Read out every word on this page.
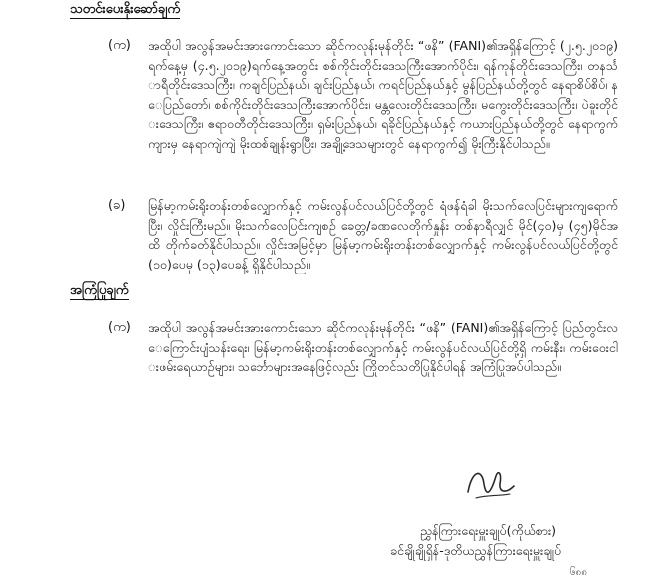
သတင်းပေးနိုးဆော်ချက်
(က) အထိုပါ အလွန်အမင်းအားကောင်းသော ဆိုင်ကလုန်းမုန်တိုင်း “ဖနိ” (FANI)၏အရှိန်ကြောင့် (၂.၅.၂၀၁၉)ရက်နေ့မှ (၄.၅.၂၀၁၉)ရက်နေ့အတွင်း စစ်ကိုင်းတိုင်းဒေသကြီးအောက်ပိုင်း၊ ရန်ကုန်တိုင်းဒေသကြီး၊ တနင်္သာရီတိုင်းဒေသကြီး၊ ကချင်ပြည်နယ်၊ ချင်းပြည်နယ်၊ ကရင်ပြည်နယ်နှင့် မွန်ပြည်နယ်တို့တွင် နေရာစိပ်စိပ်၊ နေပြည်တော်၊ စစ်ကိုင်းတိုင်းဒေသကြီးအောက်ပိုင်း၊ မန္တလေးတိုင်းဒေသကြီး၊ မကွေးတိုင်းဒေသကြီး၊ ပဲခူးတိုင်းဒေသကြီး၊ ဧရာဝတီတိုင်းဒေသကြီး၊ ရှမ်းပြည်နယ်၊ ရခိုင်ပြည်နယ်နှင့် ကယားပြည်နယ်တို့တွင် နေရာကွက်ကျားမှ နေရာကျဲကျဲ မိုးထစ်ချုန်းရွာပြီး၊ အချို့ဒေသများတွင် နေရာကွက်၍ မိုးကြီးနိုင်ပါသည်။
(ခ) မြန်မာ့ကမ်းရိုးတန်းတစ်လျှောက်နှင့် ကမ်းလွန်ပင်လယ်ပြင်တို့တွင် ရံဖန်ရံခါ မိုးသက်လေပြင်းများကျရောက်ပြီး၊ လှိုင်းကြီးမည်။ မိုးသက်လေပြင်းကျစဉ် ခေတ္တ/ခဏလေတိုက်နှုန်း တစ်နာရီလျှင် မိုင်(၄၀)မှ (၄၅)မိုင်အထိ တိုက်ခတ်နိုင်ပါသည်။ လှိုင်းအမြင့်မှာ မြန်မာ့ကမ်းရိုးတန်းတစ်လျှောက်နှင့် ကမ်းလွန်ပင်လယ်ပြင်တို့တွင် (၁၀)ပေမှ (၁၃)ပေခန့် ရှိနိုင်ပါသည်။
အကြံပြုချက်
(က) အထိုပါ အလွန်အမင်းအားကောင်းသော ဆိုင်ကလုန်းမုန်တိုင်း “ဖနိ” (FANI)၏အရှိန်ကြောင့် ပြည်တွင်းလေကြောင်းပျံသန်းရေး၊ မြန်မာ့ကမ်းရိုးတန်းတစ်လျှောက်နှင့် ကမ်းလွန်ပင်လယ်ပြင်တို့ရှိ ကမ်းနီး၊ ကမ်းဝေးငါးဖမ်းရေယာဉ်များ၊ သင်္ဘောများအနေဖြင့်လည်း ကြိုတင်သတိပြုနိုင်ပါရန် အကြံပြုအပ်ပါသည်။
ညွှန်ကြားရေးမှူးချုပ်(ကိုယ်စား)
ခင်ချိုချိုရှိန်-ဒုတိယညွှန်ကြားရေးမှူးချုပ်
၆၈၈
